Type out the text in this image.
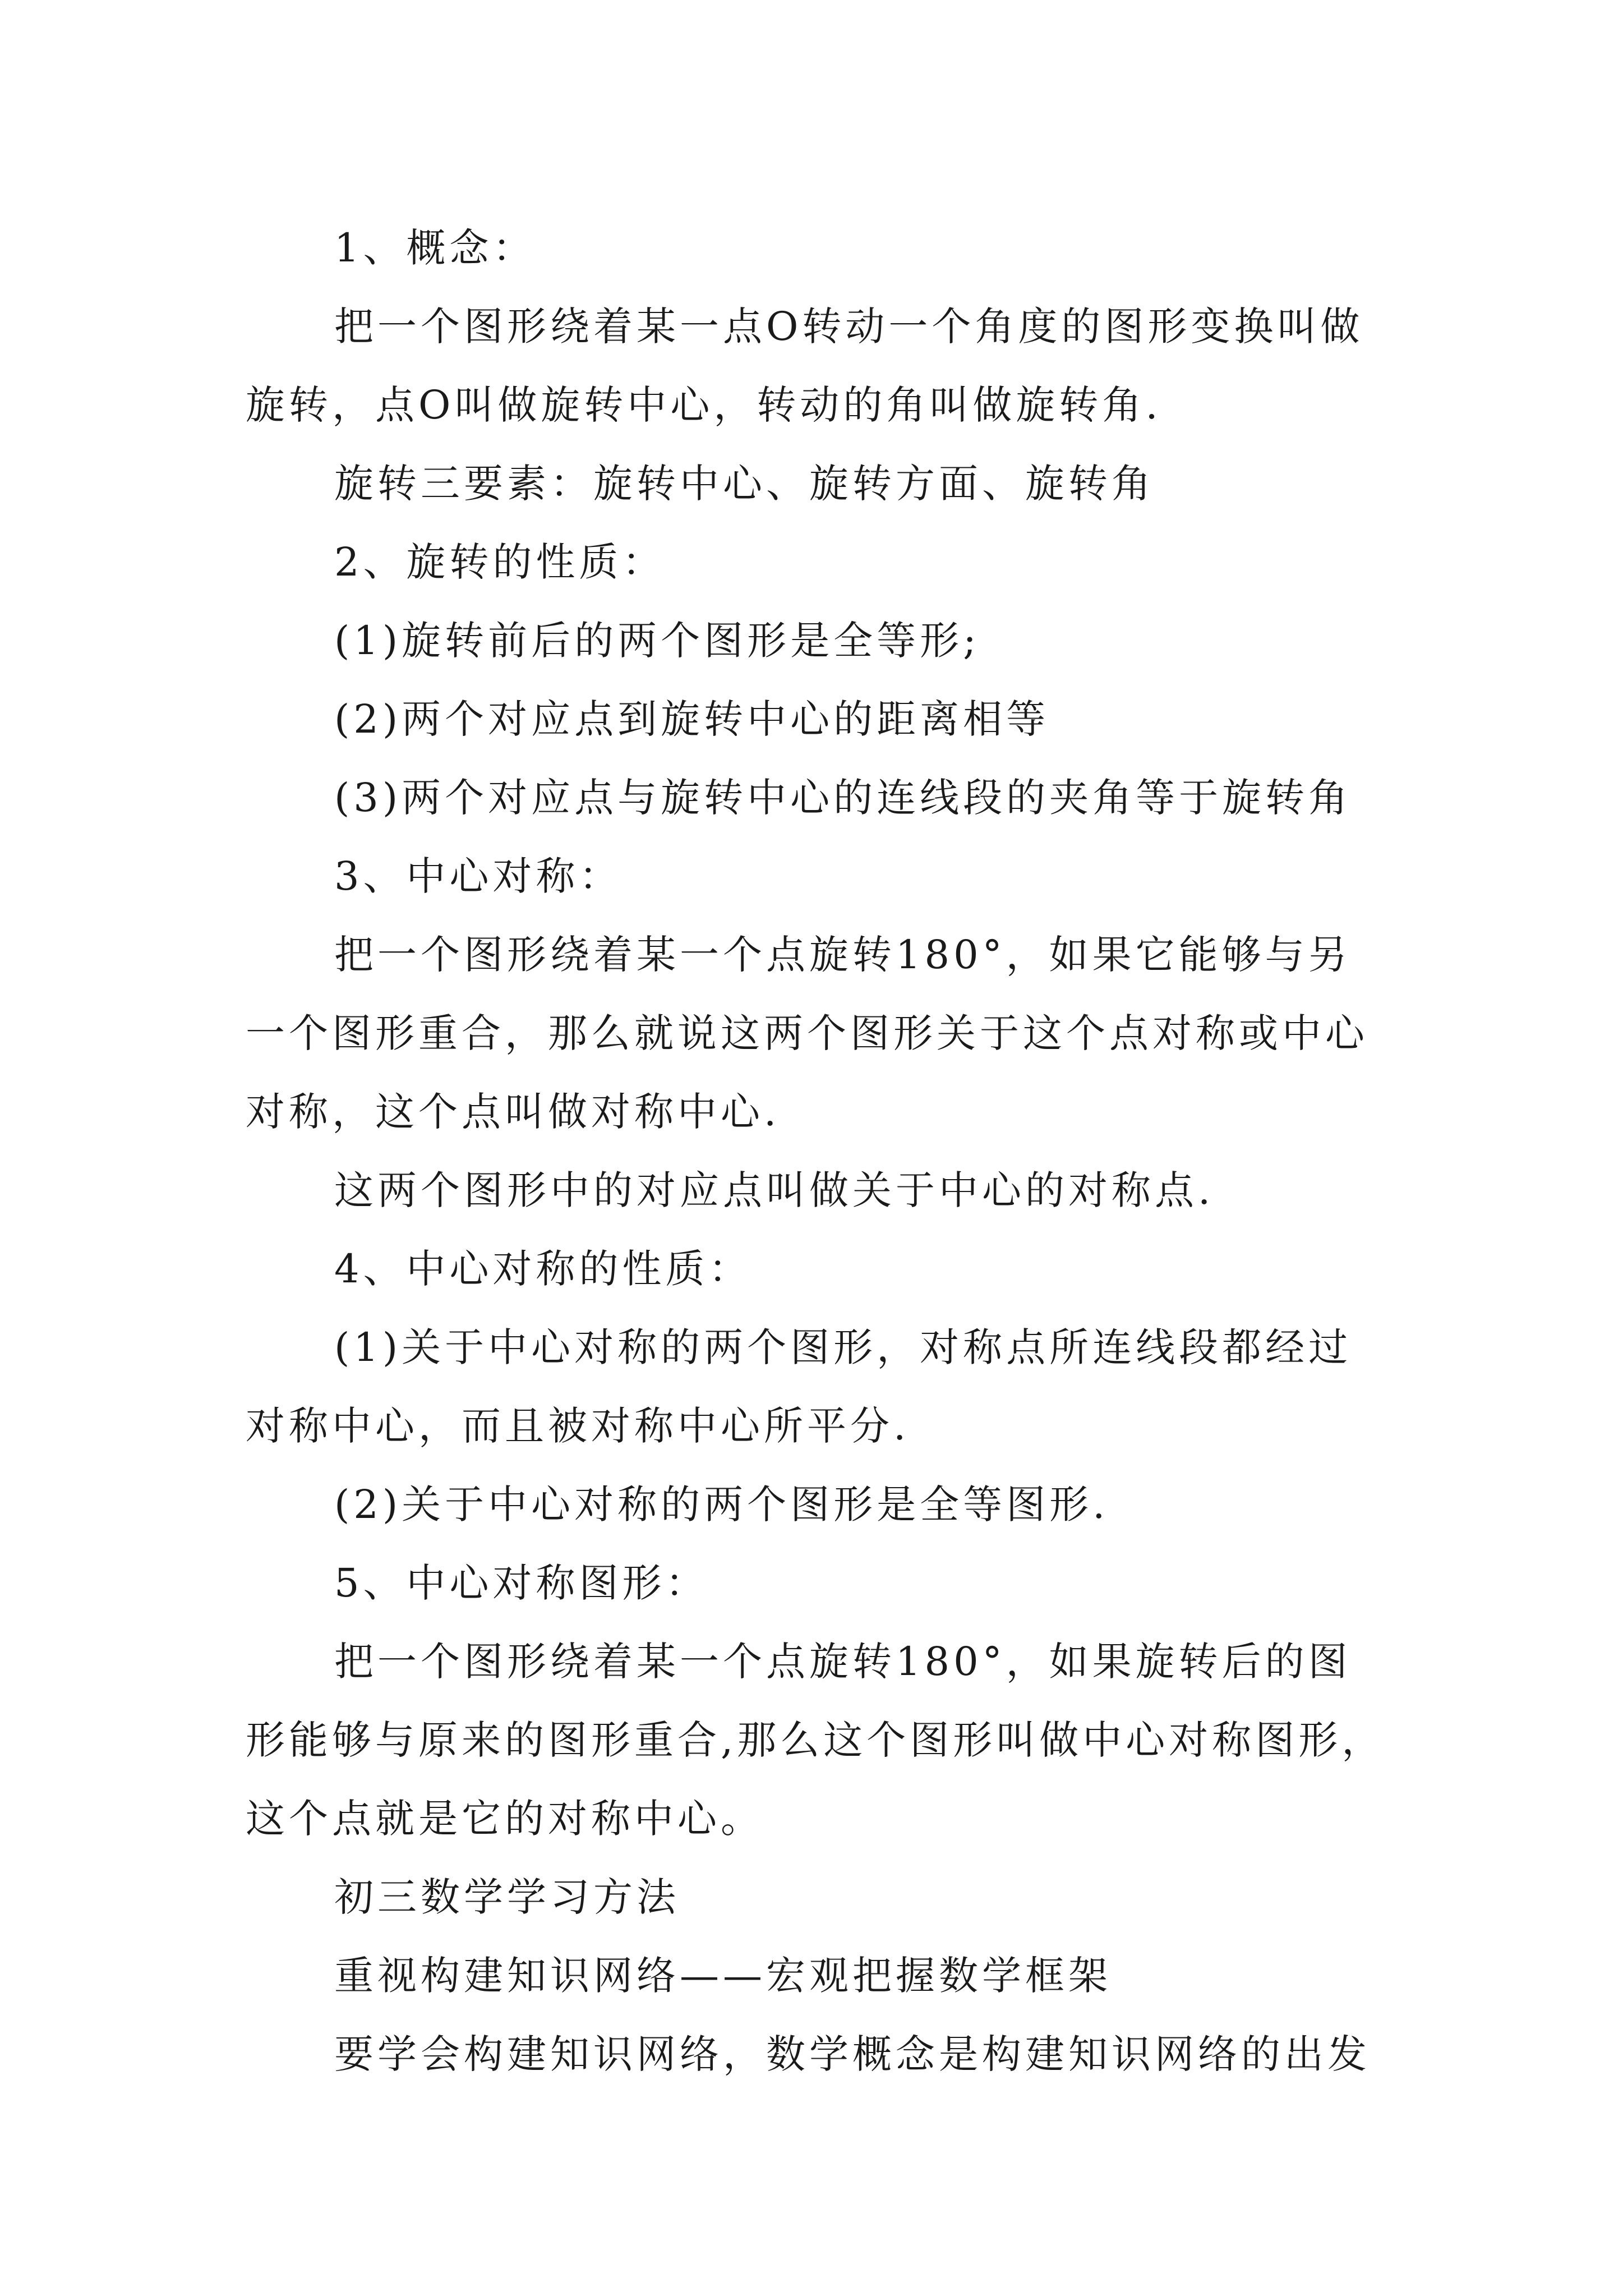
1、概念：
把一个图形绕着某一点O转动一个角度的图形变换叫做
旋转，点O叫做旋转中心，转动的角叫做旋转角.
旋转三要素：旋转中心、旋转方面、旋转角
2、旋转的性质：
(1)旋转前后的两个图形是全等形;
(2)两个对应点到旋转中心的距离相等
(3)两个对应点与旋转中心的连线段的夹角等于旋转角
3、中心对称：
把一个图形绕着某一个点旋转180°，如果它能够与另
一个图形重合，那么就说这两个图形关于这个点对称或中心
对称，这个点叫做对称中心.
这两个图形中的对应点叫做关于中心的对称点.
4、中心对称的性质：
(1)关于中心对称的两个图形，对称点所连线段都经过
对称中心，而且被对称中心所平分.
(2)关于中心对称的两个图形是全等图形.
5、中心对称图形：
把一个图形绕着某一个点旋转180°，如果旋转后的图
形能够与原来的图形重合,那么这个图形叫做中心对称图形，
这个点就是它的对称中心。
初三数学学习方法
重视构建知识网络——宏观把握数学框架
要学会构建知识网络，数学概念是构建知识网络的出发
